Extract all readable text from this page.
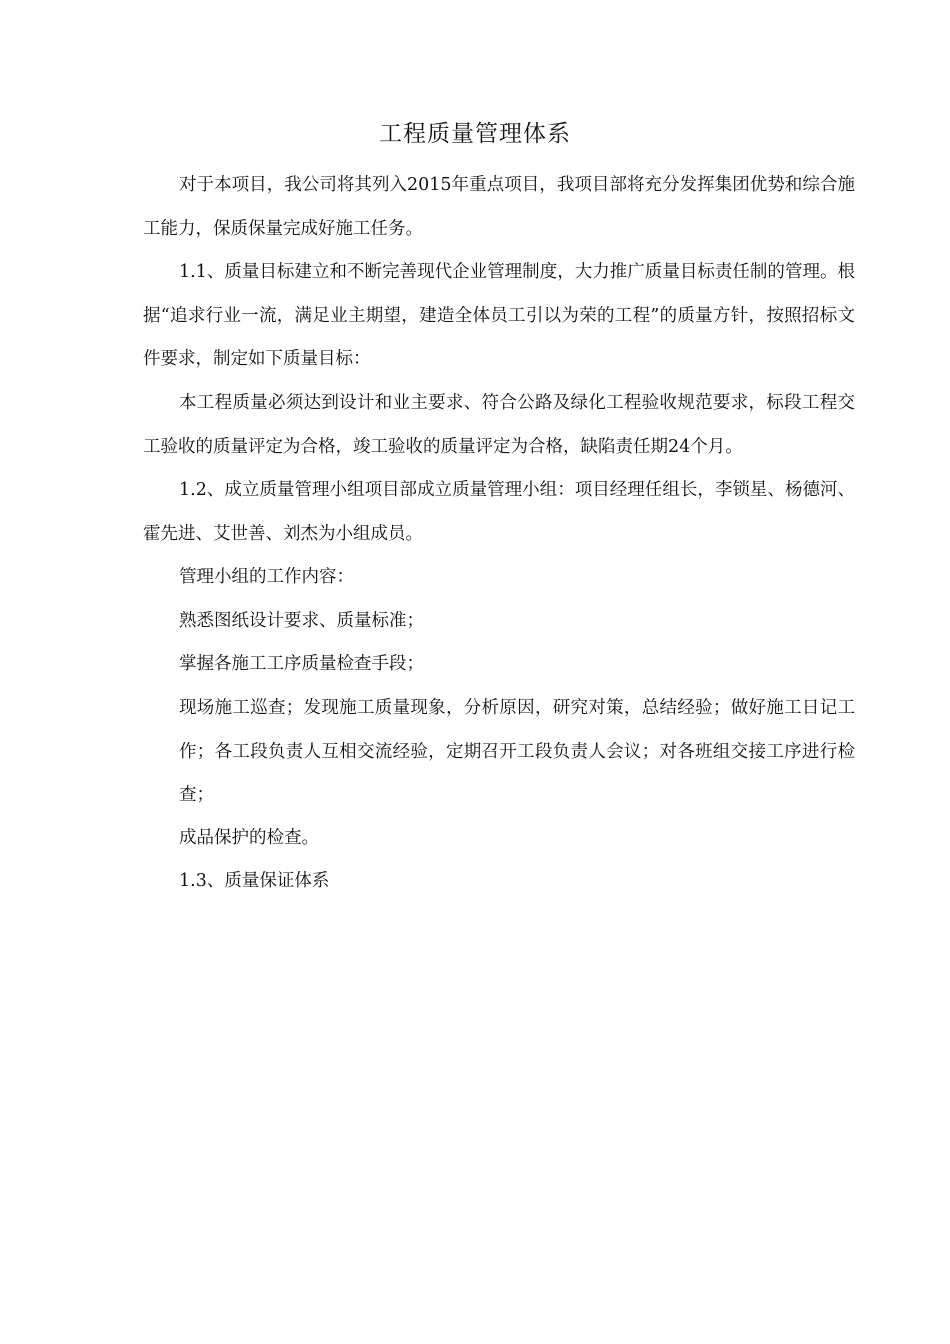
工程质量管理体系

对于本项目，我公司将其列入2015年重点项目，我项目部将充分发挥集团优势和综合施工能力，保质保量完成好施工任务。

1.1、质量目标建立和不断完善现代企业管理制度，大力推广质量目标责任制的管理。根据“追求行业一流，满足业主期望，建造全体员工引以为荣的工程”的质量方针，按照招标文件要求，制定如下质量目标：

本工程质量必须达到设计和业主要求、符合公路及绿化工程验收规范要求，标段工程交工验收的质量评定为合格，竣工验收的质量评定为合格，缺陷责任期24个月。

1.2、成立质量管理小组项目部成立质量管理小组：项目经理任组长，李锁星、杨德河、霍先进、艾世善、刘杰为小组成员。

管理小组的工作内容：

熟悉图纸设计要求、质量标准；

掌握各施工工序质量检查手段；

现场施工巡查；发现施工质量现象，分析原因，研究对策，总结经验；做好施工日记工作；各工段负责人互相交流经验，定期召开工段负责人会议；对各班组交接工序进行检查；

成品保护的检查。

1.3、质量保证体系
